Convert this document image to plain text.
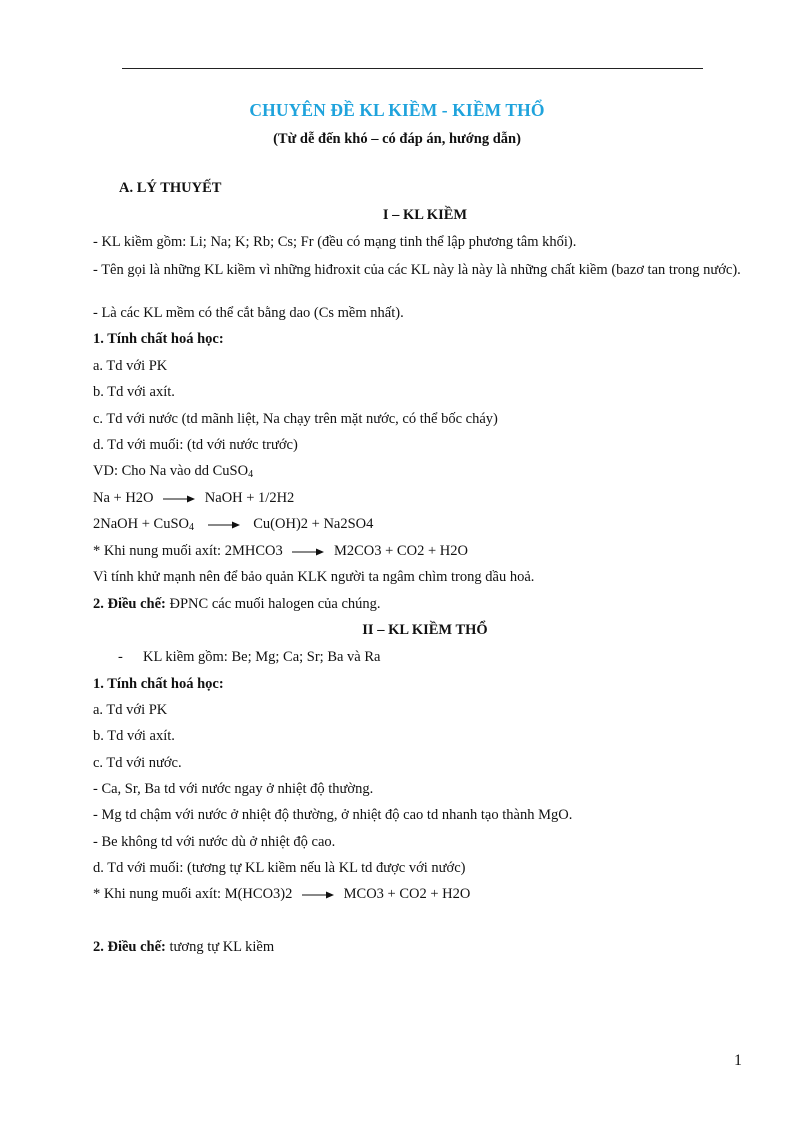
CHUYÊN ĐỀ KL KIỀM - KIỀM THỔ
(Từ dễ đến khó – có đáp án, hướng dẫn)
A. LÝ THUYẾT
I – KL KIỀM
- KL kiềm gồm: Li; Na; K; Rb; Cs; Fr (đều có mạng tinh thể lập phương tâm khối).
- Tên gọi là những KL kiềm vì những hiđroxit của các KL này là này là những chất kiềm (bazơ tan trong nước).
- Là các KL mềm có thể cắt bằng dao (Cs mềm nhất).
1. Tính chất hoá học:
a. Td với PK
b. Td với axít.
c. Td với nước (td mãnh liệt, Na chạy trên mặt nước, có thể bốc cháy)
d. Td với muối: (td với nước trước)
VD: Cho Na vào dd CuSO$_4$
Na + H2O	NaOH + 1/2H2
2NaOH + CuSO$_4$	Cu(OH)2 + Na2SO4
* Khi nung muối axít: 2MHCO3	M2CO3 + CO2 + H2O
Vì tính khử mạnh nên để bảo quản KLK người ta ngâm chìm trong dầu hoả.
2. Điều chế: ĐPNC các muối halogen của chúng.
II – KL KIỀM THỔ
- KL kiềm gồm: Be; Mg; Ca; Sr; Ba và Ra
1. Tính chất hoá học:
a. Td với PK
b. Td với axít.
c. Td với nước.
- Ca, Sr, Ba td với nước ngay ở nhiệt độ thường.
- Mg td chậm với nước ở nhiệt độ thường, ở nhiệt độ cao td nhanh tạo thành MgO.
- Be không td với nước dù ở nhiệt độ cao.
d. Td với muối: (tương tự KL kiềm nếu là KL td được với nước)
* Khi nung muối axít: M(HCO3)2	MCO3 + CO2 + H2O
2. Điều chế: tương tự KL kiềm
1
